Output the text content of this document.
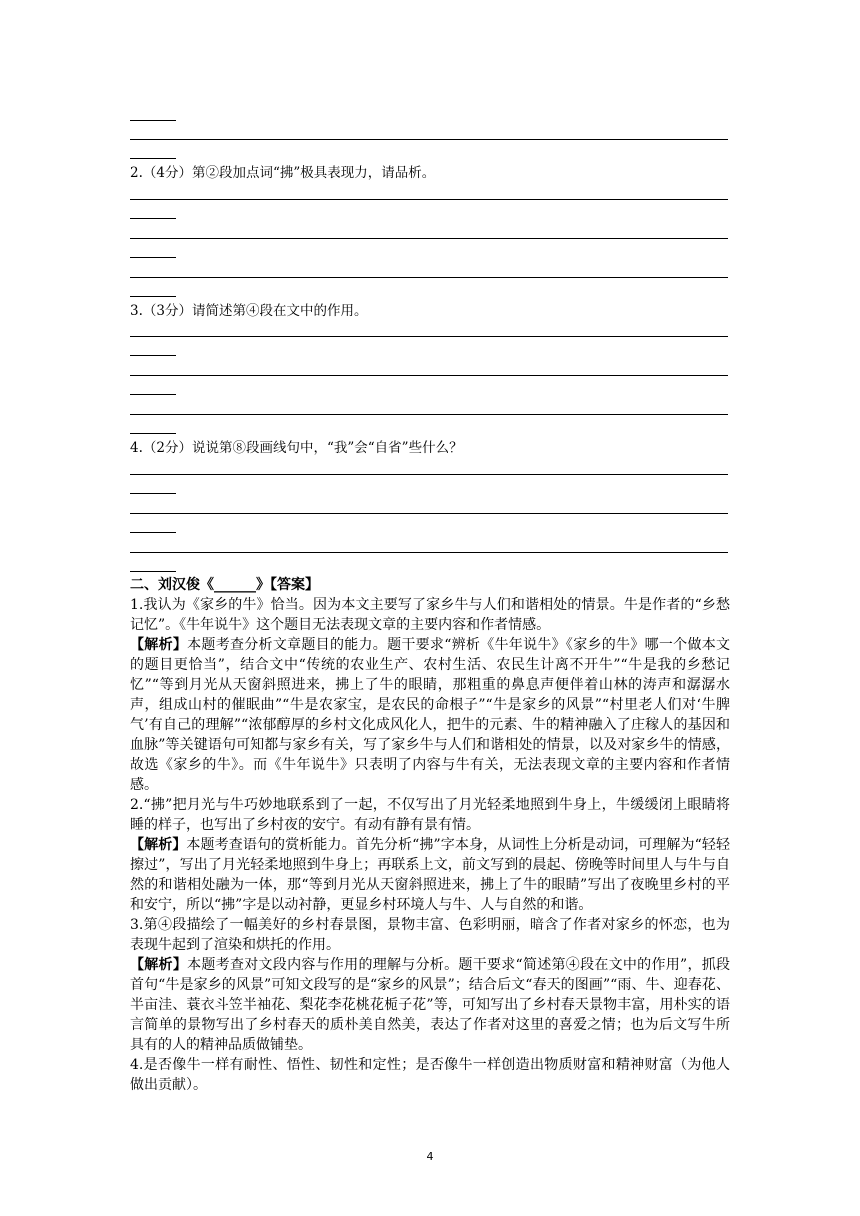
2.（4分）第②段加点词“拂”极具表现力，请品析。
3.（3分）请简述第④段在文中的作用。
4.（2分）说说第⑧段画线句中，“我”会“自省”些什么？

二、刘汉俊《______》【答案】

1.我认为《家乡的牛》恰当。因为本文主要写了家乡牛与人们和谐相处的情景。牛是作者的“乡愁记忆”。《牛年说牛》这个题目无法表现文章的主要内容和作者情感。

【解析】本题考查分析文章题目的能力。题干要求“辨析《牛年说牛》《家乡的牛》哪一个做本文的题目更恰当”，结合文中“传统的农业生产、农村生活、农民生计离不开牛”“牛是我的乡愁记忆”“等到月光从天窗斜照进来，拂上了牛的眼睛，那粗重的鼻息声便伴着山林的涛声和潺潺水声，组成山村的催眠曲”“牛是农家宝，是农民的命根子”“牛是家乡的风景”“村里老人们对‘牛脾气’有自己的理解”“浓郁醇厚的乡村文化成风化人，把牛的元素、牛的精神融入了庄稼人的基因和血脉”等关键语句可知都与家乡有关，写了家乡牛与人们和谐相处的情景，以及对家乡牛的情感，故选《家乡的牛》。而《牛年说牛》只表明了内容与牛有关，无法表现文章的主要内容和作者情感。

2.“拂”把月光与牛巧妙地联系到了一起，不仅写出了月光轻柔地照到牛身上，牛缓缓闭上眼睛将睡的样子，也写出了乡村夜的安宁。有动有静有景有情。

【解析】本题考查语句的赏析能力。首先分析“拂”字本身，从词性上分析是动词，可理解为“轻轻擦过”，写出了月光轻柔地照到牛身上；再联系上文，前文写到的晨起、傍晚等时间里人与牛与自然的和谐相处融为一体，那“等到月光从天窗斜照进来，拂上了牛的眼睛”写出了夜晚里乡村的平和安宁，所以“拂”字是以动衬静，更显乡村环境人与牛、人与自然的和谐。

3.第④段描绘了一幅美好的乡村春景图，景物丰富、色彩明丽，暗含了作者对家乡的怀恋，也为表现牛起到了渲染和烘托的作用。

【解析】本题考查对文段内容与作用的理解与分析。题干要求“简述第④段在文中的作用”，抓段首句“牛是家乡的风景”可知文段写的是“家乡的风景”；结合后文“春天的图画”“雨、牛、迎春花、半亩洼、蓑衣斗笠半袖花、梨花李花桃花栀子花”等，可知写出了乡村春天景物丰富，用朴实的语言简单的景物写出了乡村春天的质朴美自然美，表达了作者对这里的喜爱之情；也为后文写牛所具有的人的精神品质做铺垫。

4.是否像牛一样有耐性、悟性、韧性和定性；是否像牛一样创造出物质财富和精神财富（为他人做出贡献）。

4
